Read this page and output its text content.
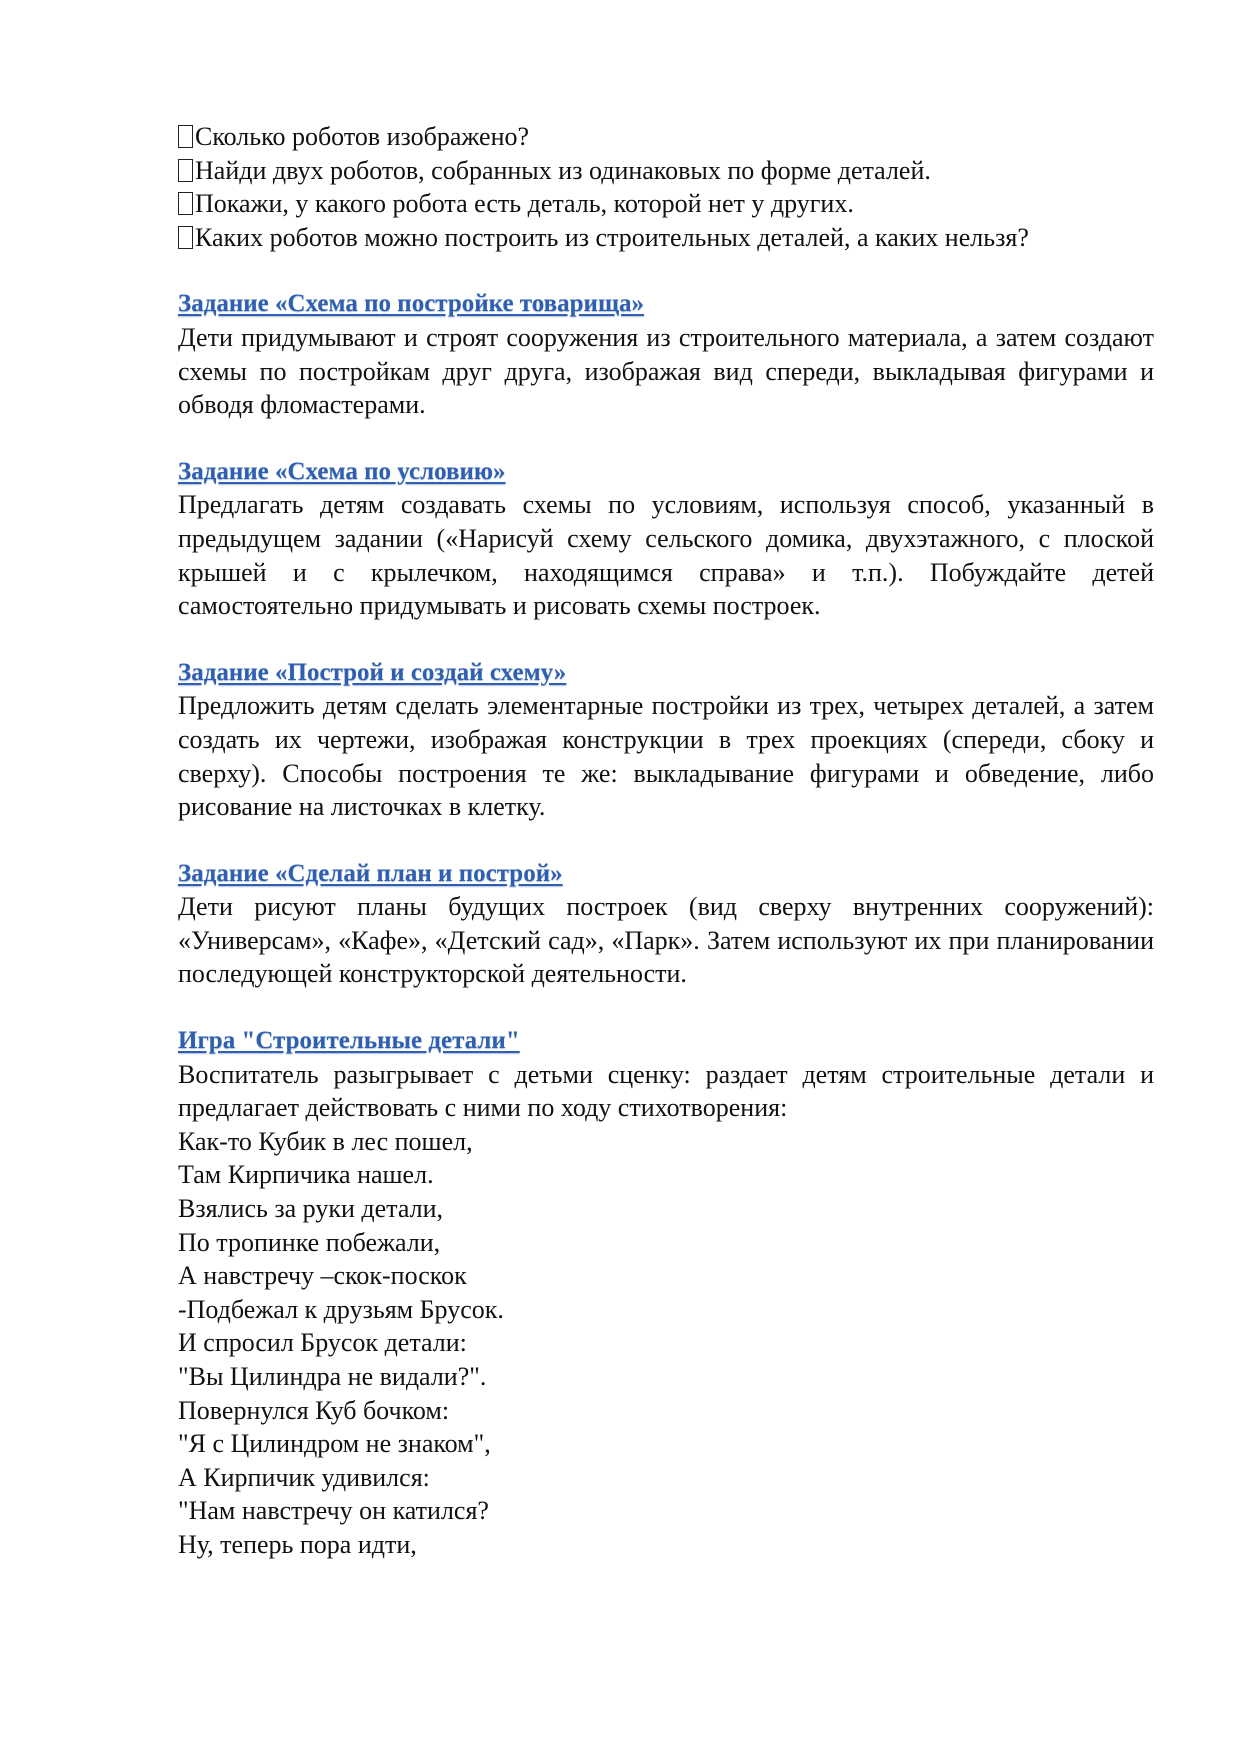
Сколько роботов изображено?
Найди двух роботов, собранных из одинаковых по форме деталей.
Покажи, у какого робота есть деталь, которой нет у других.
Каких роботов можно построить из строительных деталей, а каких нельзя?
Задание «Схема по постройке товарища»
Дети придумывают и строят сооружения из строительного материала, а затем создают схемы по постройкам друг друга, изображая вид спереди, выкладывая фигурами и обводя фломастерами.
Задание «Схема по условию»
Предлагать детям создавать схемы по условиям, используя способ, указанный в предыдущем задании («Нарисуй схему сельского домика, двухэтажного, с плоской крышей и с крылечком, находящимся справа» и т.п.). Побуждайте детей самостоятельно придумывать и рисовать схемы построек.
Задание «Построй и создай схему»
Предложить детям сделать элементарные постройки из трех, четырех деталей, а затем создать их чертежи, изображая конструкции в трех проекциях (спереди, сбоку и сверху). Способы построения те же: выкладывание фигурами и обведение, либо рисование на листочках в клетку.
Задание «Сделай план и построй»
Дети рисуют планы будущих построек (вид сверху внутренних сооружений): «Универсам», «Кафе», «Детский сад», «Парк». Затем используют их при планировании последующей конструкторской деятельности.
Игра "Строительные детали"
Воспитатель разыгрывает с детьми сценку: раздает детям строительные детали и предлагает действовать с ними по ходу стихотворения:
Как-то Кубик в лес пошел,
Там Кирпичика нашел.
Взялись за руки детали,
По тропинке побежали,
А навстречу –скок-поскок
-Подбежал к друзьям Брусок.
И спросил Брусок детали:
"Вы Цилиндра не видали?".
Повернулся Куб бочком:
"Я с Цилиндром не знаком",
А Кирпичик удивился:
"Нам навстречу он катился?
Ну, теперь пора идти,
